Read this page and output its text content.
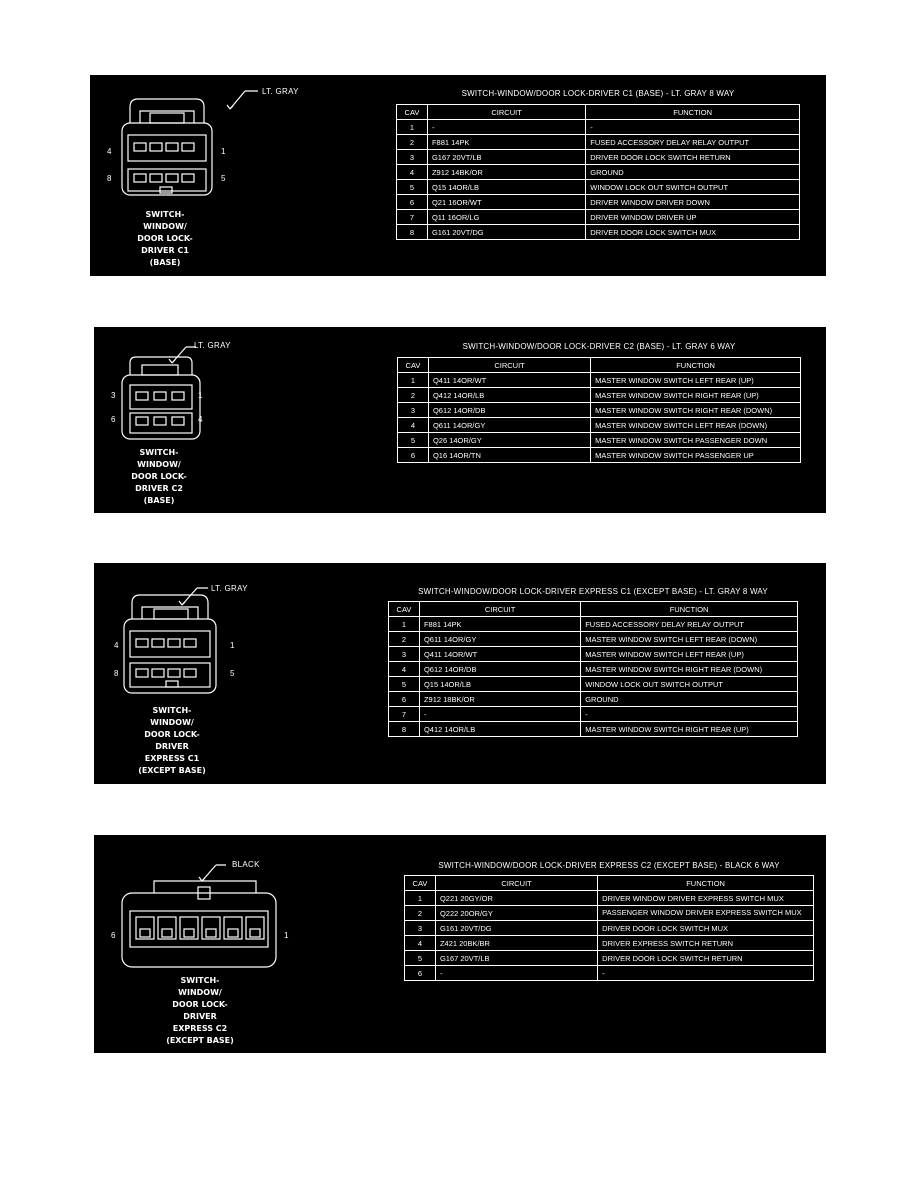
LT. GRAY
4	1
8	5
SWITCH-
WINDOW/
DOOR LOCK-
DRIVER C1
(BASE)
SWITCH-WINDOW/DOOR LOCK-DRIVER C1 (BASE) - LT. GRAY 8 WAY
CAV	CIRCUIT	FUNCTION
1	-	-
2	F881 14PK	FUSED ACCESSORY DELAY RELAY OUTPUT
3	G167 20VT/LB	DRIVER DOOR LOCK SWITCH RETURN
4	Z912 14BK/OR	GROUND
5	Q15 14OR/LB	WINDOW LOCK OUT SWITCH OUTPUT
6	Q21 16OR/WT	DRIVER WINDOW DRIVER DOWN
7	Q11 16OR/LG	DRIVER WINDOW DRIVER UP
8	G161 20VT/DG	DRIVER DOOR LOCK SWITCH MUX
LT. GRAY
3	1
6	4
SWITCH-
WINDOW/
DOOR LOCK-
DRIVER C2
(BASE)
SWITCH-WINDOW/DOOR LOCK-DRIVER C2 (BASE) - LT. GRAY 6 WAY
CAV	CIRCUIT	FUNCTION
1	Q411 14OR/WT	MASTER WINDOW SWITCH LEFT REAR (UP)
2	Q412 14OR/LB	MASTER WINDOW SWITCH RIGHT REAR (UP)
3	Q612 14OR/DB	MASTER WINDOW SWITCH RIGHT REAR (DOWN)
4	Q611 14OR/GY	MASTER WINDOW SWITCH LEFT REAR (DOWN)
5	Q26 14OR/GY	MASTER WINDOW SWITCH PASSENGER DOWN
6	Q16 14OR/TN	MASTER WINDOW SWITCH PASSENGER UP
LT. GRAY
4	1
8	5
SWITCH-
WINDOW/
DOOR LOCK-
DRIVER
EXPRESS C1
(EXCEPT BASE)
SWITCH-WINDOW/DOOR LOCK-DRIVER EXPRESS C1 (EXCEPT BASE) - LT. GRAY 8 WAY
CAV	CIRCUIT	FUNCTION
1	F881 14PK	FUSED ACCESSORY DELAY RELAY OUTPUT
2	Q611 14OR/GY	MASTER WINDOW SWITCH LEFT REAR (DOWN)
3	Q411 14OR/WT	MASTER WINDOW SWITCH LEFT REAR (UP)
4	Q612 14OR/DB	MASTER WINDOW SWITCH RIGHT REAR (DOWN)
5	Q15 14OR/LB	WINDOW LOCK OUT SWITCH OUTPUT
6	Z912 18BK/OR	GROUND
7	-	-
8	Q412 14OR/LB	MASTER WINDOW SWITCH RIGHT REAR (UP)
BLACK
6	1
SWITCH-
WINDOW/
DOOR LOCK-
DRIVER
EXPRESS C2
(EXCEPT BASE)
SWITCH-WINDOW/DOOR LOCK-DRIVER EXPRESS C2 (EXCEPT BASE) - BLACK 6 WAY
CAV	CIRCUIT	FUNCTION
1	Q221 20GY/OR	DRIVER WINDOW DRIVER EXPRESS SWITCH MUX
2	Q222 20OR/GY	PASSENGER WINDOW DRIVER EXPRESS SWITCH MUX
3	G161 20VT/DG	DRIVER DOOR LOCK SWITCH MUX
4	Z421 20BK/BR	DRIVER EXPRESS SWITCH RETURN
5	G167 20VT/LB	DRIVER DOOR LOCK SWITCH RETURN
6	-	-
